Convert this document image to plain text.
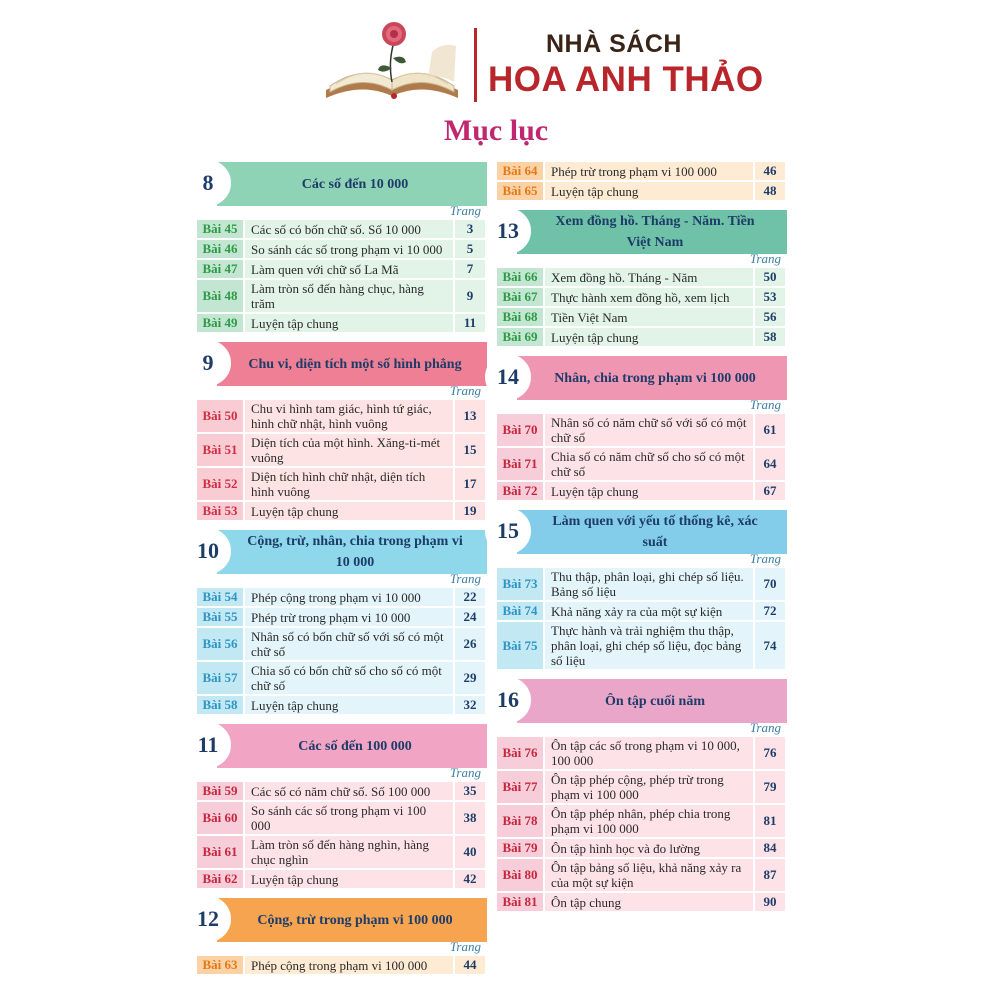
NHÀ SÁCH
HOA ANH THẢO
Mục lục
Các số đến 10 000
8
Trang
Bài 45	Các số có bốn chữ số. Số 10 000	3
Bài 46	So sánh các số trong phạm vi 10 000	5
Bài 47	Làm quen với chữ số La Mã	7
Bài 48	Làm tròn số đến hàng chục, hàng trăm	9
Bài 49	Luyện tập chung	11
Chu vi, diện tích một số hình phẳng
9
Trang
Bài 50	Chu vi hình tam giác, hình tứ giác, hình chữ nhật, hình vuông	13
Bài 51	Diện tích của một hình. Xăng-ti-mét vuông	15
Bài 52	Diện tích hình chữ nhật, diện tích hình vuông	17
Bài 53	Luyện tập chung	19
Cộng, trừ, nhân, chia trong phạm vi 10 000
10
Trang
Bài 54	Phép cộng trong phạm vi 10 000	22
Bài 55	Phép trừ trong phạm vi 10 000	24
Bài 56	Nhân số có bốn chữ số với số có một chữ số	26
Bài 57	Chia số có bốn chữ số cho số có một chữ số	29
Bài 58	Luyện tập chung	32
Các số đến 100 000
11
Trang
Bài 59	Các số có năm chữ số. Số 100 000	35
Bài 60	So sánh các số trong phạm vi 100 000	38
Bài 61	Làm tròn số đến hàng nghìn, hàng chục nghìn	40
Bài 62	Luyện tập chung	42
Cộng, trừ trong phạm vi 100 000
12
Trang
Bài 63	Phép cộng trong phạm vi 100 000	44
Bài 64	Phép trừ trong phạm vi 100 000	46
Bài 65	Luyện tập chung	48
Xem đồng hồ. Tháng - Năm. Tiền Việt Nam
13
Trang
Bài 66	Xem đồng hồ. Tháng - Năm	50
Bài 67	Thực hành xem đồng hồ, xem lịch	53
Bài 68	Tiền Việt Nam	56
Bài 69	Luyện tập chung	58
Nhân, chia trong phạm vi 100 000
14
Trang
Bài 70	Nhân số có năm chữ số với số có một chữ số	61
Bài 71	Chia số có năm chữ số cho số có một chữ số	64
Bài 72	Luyện tập chung	67
Làm quen với yếu tố thống kê, xác suất
15
Trang
Bài 73	Thu thập, phân loại, ghi chép số liệu. Bảng số liệu	70
Bài 74	Khả năng xảy ra của một sự kiện	72
Bài 75	Thực hành và trải nghiệm thu thập, phân loại, ghi chép số liệu, đọc bảng số liệu	74
Ôn tập cuối năm
16
Trang
Bài 76	Ôn tập các số trong phạm vi 10 000, 100 000	76
Bài 77	Ôn tập phép cộng, phép trừ trong phạm vi 100 000	79
Bài 78	Ôn tập phép nhân, phép chia trong phạm vi 100 000	81
Bài 79	Ôn tập hình học và đo lường	84
Bài 80	Ôn tập bảng số liệu, khả năng xảy ra của một sự kiện	87
Bài 81	Ôn tập chung	90
